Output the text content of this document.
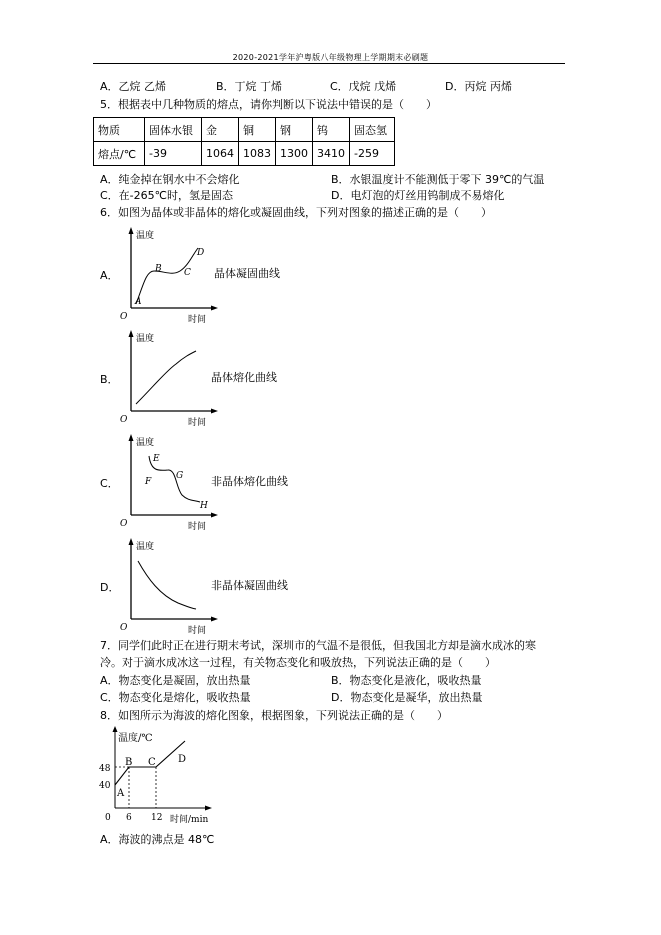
2020-2021学年沪粤版八年级物理上学期期末必刷题
A．乙烷 乙烯	B．丁烷 丁烯	C．戊烷 戊烯	D．丙烷 丙烯
5．根据表中几种物质的熔点，请你判断以下说法中错误的是（　　）
物质	固体水银	金	铜	钢	钨	固态氢
熔点/℃	-39	1064	1083	1300	3410	-259
A．纯金掉在钢水中不会熔化	B．水银温度计不能测低于零下 39℃的气温
C．在-265℃时，氢是固态	D．电灯泡的灯丝用钨制成不易熔化
6．如图为晶体或非晶体的熔化或凝固曲线，下列对图象的描述正确的是（　　）
A．
温度
时间
O
A
B C
D
晶体凝固曲线
B．
温度
时间
O
晶体熔化曲线
C．
温度
时间
O
E
F
G
H
非晶体熔化曲线
D．
温度
时间
O
非晶体凝固曲线
7．同学们此时正在进行期末考试，深圳市的气温不是很低，但我国北方却是滴水成冰的寒
冷。对于滴水成冰这一过程，有关物态变化和吸放热，下列说法正确的是（　　）
A．物态变化是凝固，放出热量	B．物态变化是液化，吸收热量
C．物态变化是熔化，吸收热量	D．物态变化是凝华，放出热量
8．如图所示为海波的熔化图象，根据图象，下列说法正确的是（　　）
温度/℃
时间/min
48
40
6 12
0
A
B C D
A．海波的沸点是 48℃
